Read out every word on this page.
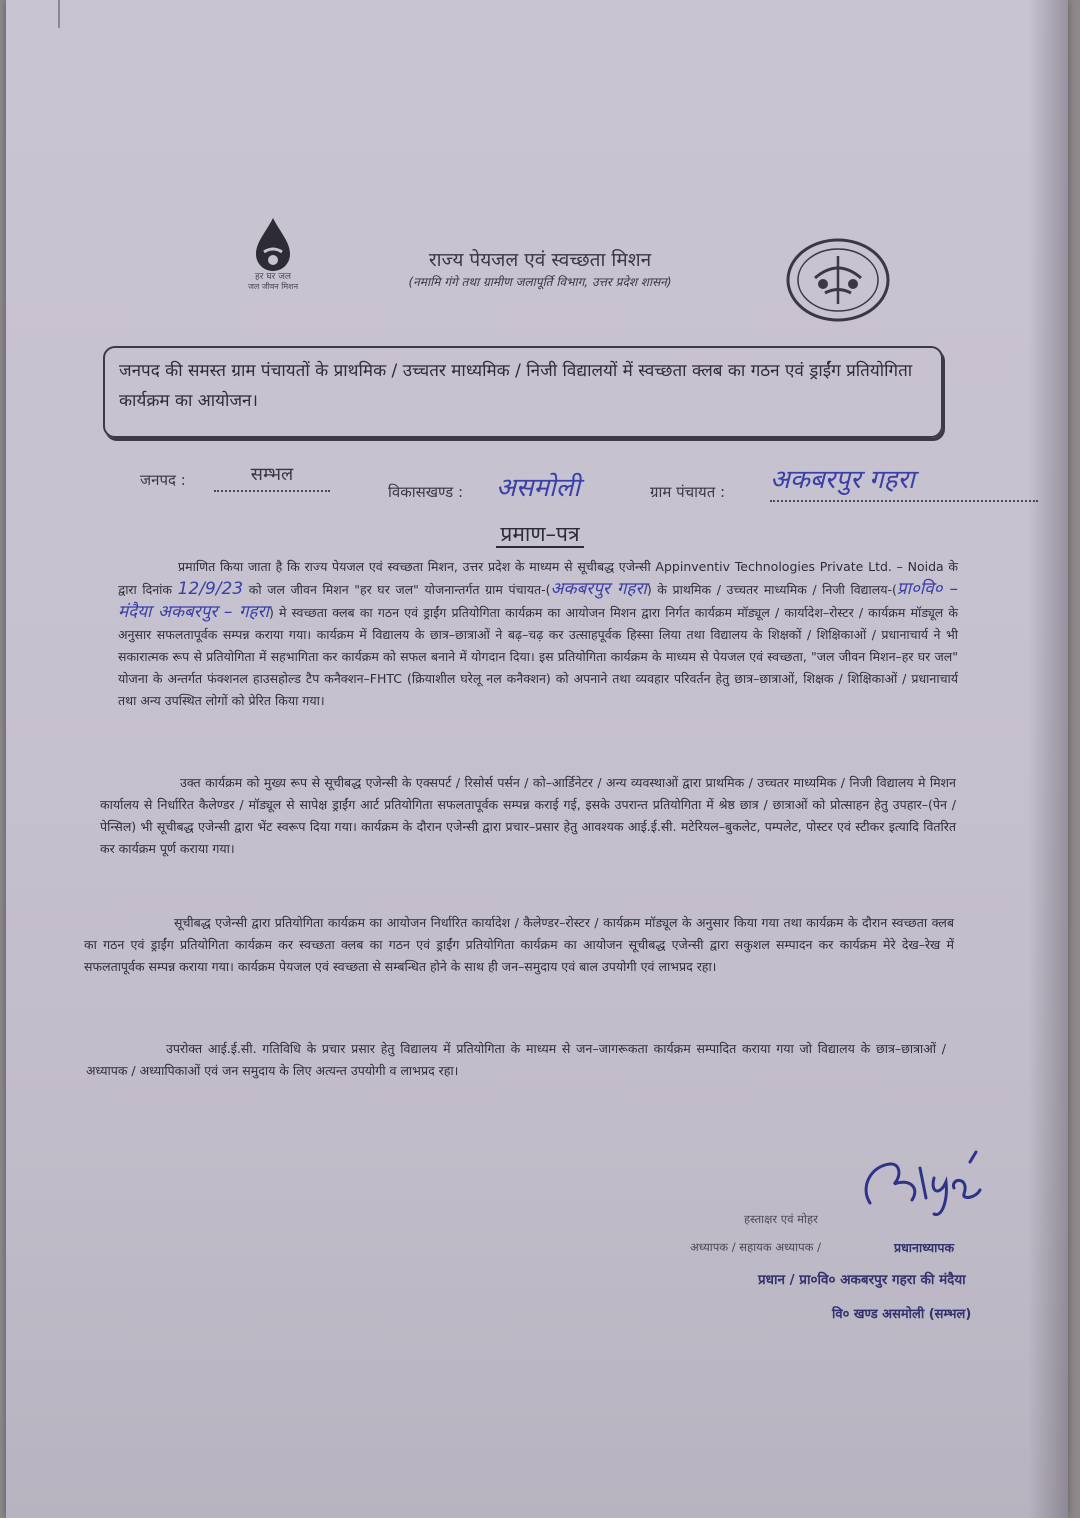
हर घर जल
जल जीवन मिशन
राज्य पेयजल एवं स्वच्छता मिशन
(नमामि गंगे तथा ग्रामीण जलापूर्ति विभाग, उत्तर प्रदेश शासन)
जनपद की समस्त ग्राम पंचायतों के प्राथमिक / उच्चतर माध्यमिक / निजी विद्यालयों में स्वच्छता क्लब का गठन एवं ड्राईंग प्रतियोगिता कार्यक्रम का आयोजन।
जनपद :	सम्भल
विकासखण्ड : असमोली	ग्राम पंचायत : अकबरपुर गहरा
प्रमाण–पत्र
प्रमाणित किया जाता है कि राज्य पेयजल एवं स्वच्छता मिशन, उत्तर प्रदेश के माध्यम से सूचीबद्ध एजेन्सी Appinventiv Technologies Private Ltd. – Noida के द्वारा दिनांक 12/9/23 को जल जीवन मिशन "हर घर जल" योजनान्तर्गत ग्राम पंचायत-(अकबरपुर गहरा) के प्राथमिक / उच्चतर माध्यमिक / निजी विद्यालय-(प्रा०वि० – मंदैया अकबरपुर – गहरा) मे स्वच्छता क्लब का गठन एवं ड्राईंग प्रतियोगिता कार्यक्रम का आयोजन मिशन द्वारा निर्गत कार्यक्रम मॉड्यूल / कार्यादेश–रोस्टर / कार्यक्रम मॉड्यूल के अनुसार सफलतापूर्वक सम्पन्न कराया गया। कार्यक्रम में विद्यालय के छात्र–छात्राओं ने बढ़–चढ़ कर उत्साहपूर्वक हिस्सा लिया तथा विद्यालय के शिक्षकों / शिक्षिकाओं / प्रधानाचार्य ने भी सकारात्मक रूप से प्रतियोगिता में सहभागिता कर कार्यक्रम को सफल बनाने में योगदान दिया। इस प्रतियोगिता कार्यक्रम के माध्यम से पेयजल एवं स्वच्छता, "जल जीवन मिशन–हर घर जल" योजना के अन्तर्गत फंक्शनल हाउसहोल्ड टैप कनैक्शन–FHTC (क्रियाशील घरेलू नल कनैक्शन) को अपनाने तथा व्यवहार परिवर्तन हेतु छात्र–छात्राओं, शिक्षक / शिक्षिकाओं / प्रधानाचार्य तथा अन्य उपस्थित लोगों को प्रेरित किया गया।
उक्त कार्यक्रम को मुख्य रूप से सूचीबद्ध एजेन्सी के एक्सपर्ट / रिसोर्स पर्सन / को–आर्डिनेटर / अन्य व्यवस्थाओं द्वारा प्राथमिक / उच्चतर माध्यमिक / निजी विद्यालय मे मिशन कार्यालय से निर्धारित कैलेण्डर / मॉड्यूल से सापेक्ष ड्राईंग आर्ट प्रतियोगिता सफलतापूर्वक सम्पन्न कराई गई, इसके उपरान्त प्रतियोगिता में श्रेष्ठ छात्र / छात्राओं को प्रोत्साहन हेतु उपहार–(पेन / पेन्सिल) भी सूचीबद्ध एजेन्सी द्वारा भेंट स्वरूप दिया गया। कार्यक्रम के दौरान एजेन्सी द्वारा प्रचार–प्रसार हेतु आवश्यक आई.ई.सी. मटेरियल–बुकलेट, पम्पलेट, पोस्टर एवं स्टीकर इत्यादि वितरित कर कार्यक्रम पूर्ण कराया गया।
सूचीबद्ध एजेन्सी द्वारा प्रतियोगिता कार्यक्रम का आयोजन निर्धारित कार्यादेश / कैलेण्डर–रोस्टर / कार्यक्रम मॉड्यूल के अनुसार किया गया तथा कार्यक्रम के दौरान स्वच्छता क्लब का गठन एवं ड्राईंग प्रतियोगिता कार्यक्रम कर स्वच्छता क्लब का गठन एवं ड्राईंग प्रतियोगिता कार्यक्रम का आयोजन सूचीबद्ध एजेन्सी द्वारा सकुशल सम्पादन कर कार्यक्रम मेरे देख–रेख में सफलतापूर्वक सम्पन्न कराया गया। कार्यक्रम पेयजल एवं स्वच्छता से सम्बन्धित होने के साथ ही जन–समुदाय एवं बाल उपयोगी एवं लाभप्रद रहा।
उपरोक्त आई.ई.सी. गतिविधि के प्रचार प्रसार हेतु विद्यालय में प्रतियोगिता के माध्यम से जन–जागरूकता कार्यक्रम सम्पादित कराया गया जो विद्यालय के छात्र–छात्राओं / अध्यापक / अध्यापिकाओं एवं जन समुदाय के लिए अत्यन्त उपयोगी व लाभप्रद रहा।
हस्ताक्षर एवं मोहर
अध्यापक / सहायक अध्यापक /	प्रधानाध्यापक
प्रधान / प्रा०वि० अकबरपुर गहरा की मंदैया
वि० खण्ड असमोली (सम्भल)
